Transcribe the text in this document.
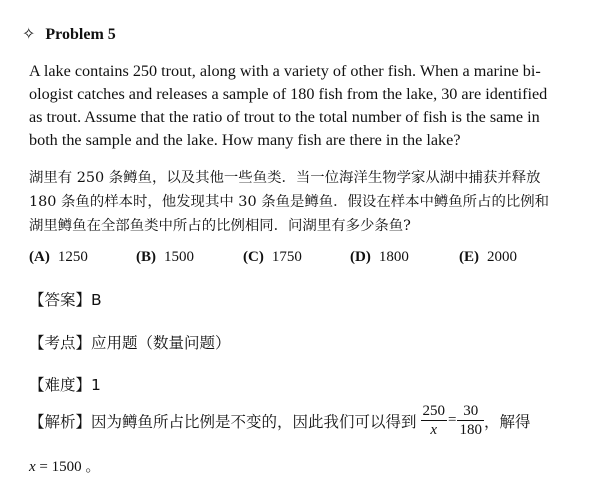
✧ Problem 5
A lake contains 250 trout, along with a variety of other fish. When a marine bi-
ologist catches and releases a sample of 180 fish from the lake, 30 are identified
as trout. Assume that the ratio of trout to the total number of fish is the same in
both the sample and the lake. How many fish are there in the lake?
湖里有 250 条鳟鱼，以及其他一些鱼类．当一位海洋生物学家从湖中捕获并释放
180 条鱼的样本时，他发现其中 30 条鱼是鳟鱼．假设在样本中鳟鱼所占的比例和
湖里鳟鱼在全部鱼类中所占的比例相同．问湖里有多少条鱼?
(A) 1250	(B) 1500	(C) 1750	(D) 1800	(E) 2000
【答案】B
【考点】应用题（数量问题）
【难度】1
【解析】因为鳟鱼所占比例是不变的，因此我们可以得到 $\frac{250}{x} = \frac{30}{180}$ ，解得
x = 1500 。
